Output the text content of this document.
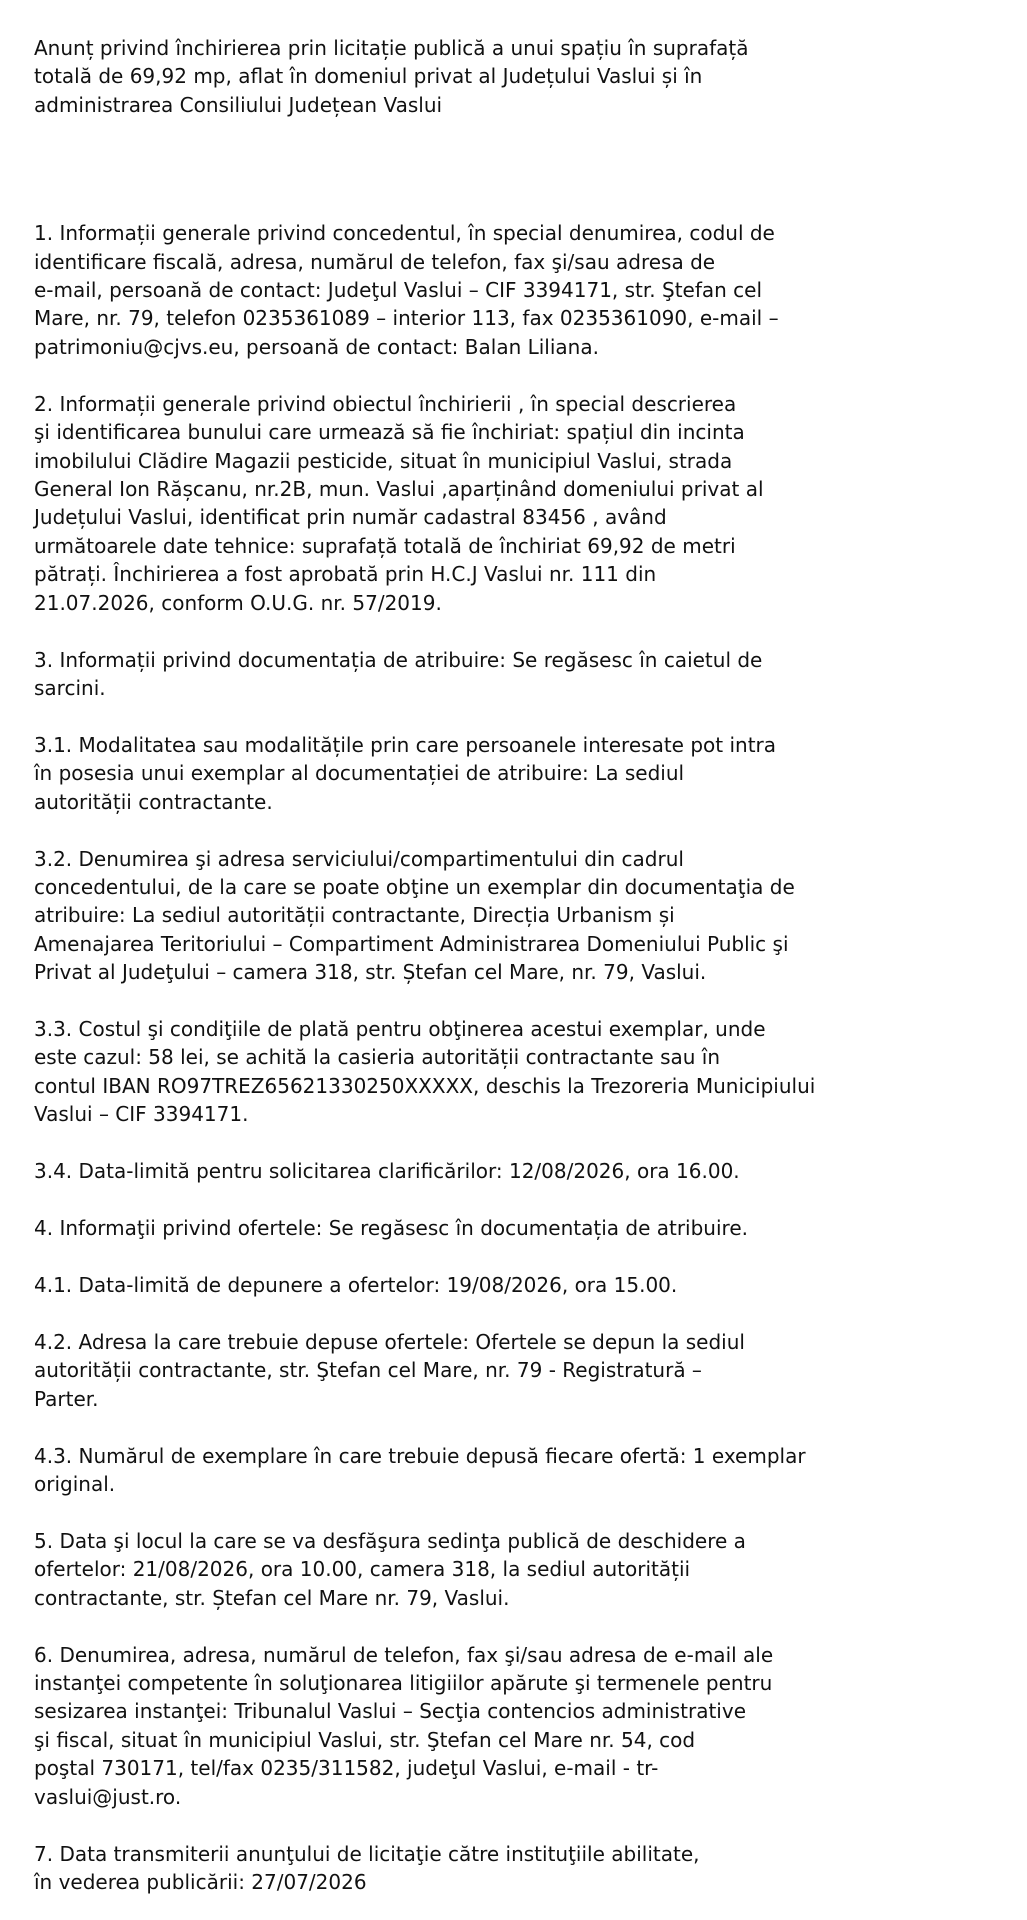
Anunț privind închirierea prin licitație publică a unui spațiu în suprafață
totală de 69,92 mp, aflat în domeniul privat al Județului Vaslui și în
administrarea Consiliului Județean Vaslui

1. Informații generale privind concedentul, în special denumirea, codul de
identificare fiscală, adresa, numărul de telefon, fax şi/sau adresa de
e-mail, persoană de contact: Judeţul Vaslui – CIF 3394171, str. Ştefan cel
Mare, nr. 79, telefon 0235361089 – interior 113, fax 0235361090, e-mail –
patrimoniu@cjvs.eu, persoană de contact: Balan Liliana.

2. Informații generale privind obiectul închirierii , în special descrierea
şi identificarea bunului care urmează să fie închiriat: spațiul din incinta
imobilului Clădire Magazii pesticide, situat în municipiul Vaslui, strada
General Ion Rășcanu, nr.2B, mun. Vaslui ,aparținând domeniului privat al
Județului Vaslui, identificat prin număr cadastral 83456 , având
următoarele date tehnice: suprafață totală de închiriat 69,92 de metri
pătrați. Închirierea a fost aprobată prin H.C.J Vaslui nr. 111 din
21.07.2026, conform O.U.G. nr. 57/2019.

3. Informații privind documentația de atribuire: Se regăsesc în caietul de
sarcini.

3.1. Modalitatea sau modalitățile prin care persoanele interesate pot intra
în posesia unui exemplar al documentației de atribuire: La sediul
autorității contractante.

3.2. Denumirea şi adresa serviciului/compartimentului din cadrul
concedentului, de la care se poate obţine un exemplar din documentaţia de
atribuire: La sediul autorității contractante, Direcția Urbanism și
Amenajarea Teritoriului – Compartiment Administrarea Domeniului Public şi
Privat al Judeţului – camera 318, str. Ștefan cel Mare, nr. 79, Vaslui.

3.3. Costul şi condiţiile de plată pentru obţinerea acestui exemplar, unde
este cazul: 58 lei, se achită la casieria autorității contractante sau în
contul IBAN RO97TREZ65621330250XXXXX, deschis la Trezoreria Municipiului
Vaslui – CIF 3394171.

3.4. Data-limită pentru solicitarea clarificărilor: 12/08/2026, ora 16.00.

4. Informaţii privind ofertele: Se regăsesc în documentația de atribuire.

4.1. Data-limită de depunere a ofertelor: 19/08/2026, ora 15.00.

4.2. Adresa la care trebuie depuse ofertele: Ofertele se depun la sediul
autorității contractante, str. Ştefan cel Mare, nr. 79 - Registratură –
Parter.

4.3. Numărul de exemplare în care trebuie depusă fiecare ofertă: 1 exemplar
original.

5. Data şi locul la care se va desfăşura sedinţa publică de deschidere a
ofertelor: 21/08/2026, ora 10.00, camera 318, la sediul autorității
contractante, str. Ștefan cel Mare nr. 79, Vaslui.

6. Denumirea, adresa, numărul de telefon, fax şi/sau adresa de e-mail ale
instanţei competente în soluţionarea litigiilor apărute şi termenele pentru
sesizarea instanţei: Tribunalul Vaslui – Secţia contencios administrative
şi fiscal, situat în municipiul Vaslui, str. Ştefan cel Mare nr. 54, cod
poştal 730171, tel/fax 0235/311582, judeţul Vaslui, e-mail - tr-
vaslui@just.ro.

7. Data transmiterii anunţului de licitaţie către instituţiile abilitate,
în vederea publicării: 27/07/2026
